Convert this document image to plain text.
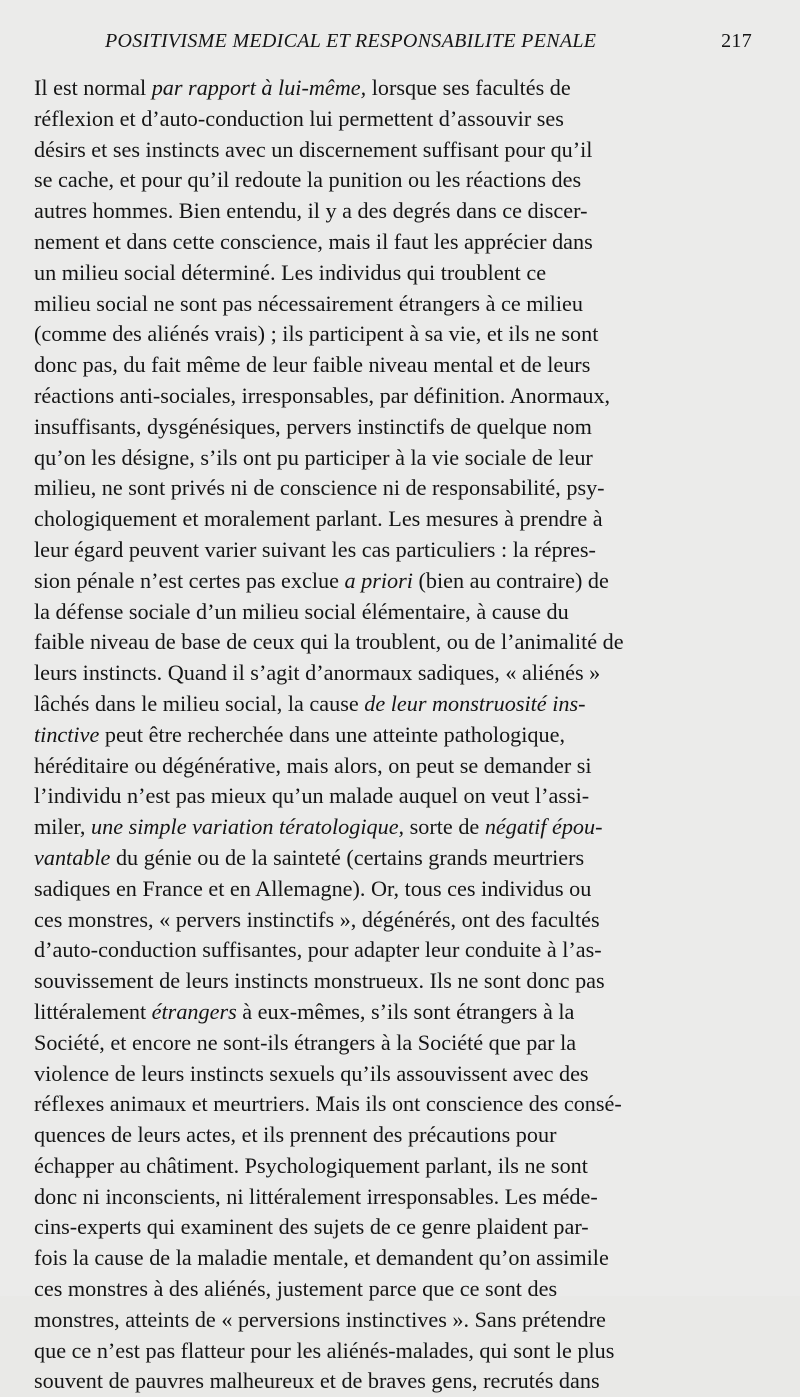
POSITIVISME MEDICAL ET RESPONSABILITE PENALE	217
Il est normal par rapport à lui-même, lorsque ses facultés de
réflexion et d’auto-conduction lui permettent d’assouvir ses
désirs et ses instincts avec un discernement suffisant pour qu’il
se cache, et pour qu’il redoute la punition ou les réactions des
autres hommes. Bien entendu, il y a des degrés dans ce discer-
nement et dans cette conscience, mais il faut les apprécier dans
un milieu social déterminé. Les individus qui troublent ce
milieu social ne sont pas nécessairement étrangers à ce milieu
(comme des aliénés vrais) ; ils participent à sa vie, et ils ne sont
donc pas, du fait même de leur faible niveau mental et de leurs
réactions anti-sociales, irresponsables, par définition. Anormaux,
insuffisants, dysgénésiques, pervers instinctifs de quelque nom
qu’on les désigne, s’ils ont pu participer à la vie sociale de leur
milieu, ne sont privés ni de conscience ni de responsabilité, psy-
chologiquement et moralement parlant. Les mesures à prendre à
leur égard peuvent varier suivant les cas particuliers : la répres-
sion pénale n’est certes pas exclue a priori (bien au contraire) de
la défense sociale d’un milieu social élémentaire, à cause du
faible niveau de base de ceux qui la troublent, ou de l’animalité de
leurs instincts. Quand il s’agit d’anormaux sadiques, « aliénés »
lâchés dans le milieu social, la cause de leur monstruosité ins-
tinctive peut être recherchée dans une atteinte pathologique,
héréditaire ou dégénérative, mais alors, on peut se demander si
l’individu n’est pas mieux qu’un malade auquel on veut l’assi-
miler, une simple variation tératologique, sorte de négatif épou-
vantable du génie ou de la sainteté (certains grands meurtriers
sadiques en France et en Allemagne). Or, tous ces individus ou
ces monstres, « pervers instinctifs », dégénérés, ont des facultés
d’auto-conduction suffisantes, pour adapter leur conduite à l’as-
souvissement de leurs instincts monstrueux. Ils ne sont donc pas
littéralement étrangers à eux-mêmes, s’ils sont étrangers à la
Société, et encore ne sont-ils étrangers à la Société que par la
violence de leurs instincts sexuels qu’ils assouvissent avec des
réflexes animaux et meurtriers. Mais ils ont conscience des consé-
quences de leurs actes, et ils prennent des précautions pour
échapper au châtiment. Psychologiquement parlant, ils ne sont
donc ni inconscients, ni littéralement irresponsables. Les méde-
cins-experts qui examinent des sujets de ce genre plaident par-
fois la cause de la maladie mentale, et demandent qu’on assimile
ces monstres à des aliénés, justement parce que ce sont des
monstres, atteints de « perversions instinctives ». Sans prétendre
que ce n’est pas flatteur pour les aliénés-malades, qui sont le plus
souvent de pauvres malheureux et de braves gens, recrutés dans
